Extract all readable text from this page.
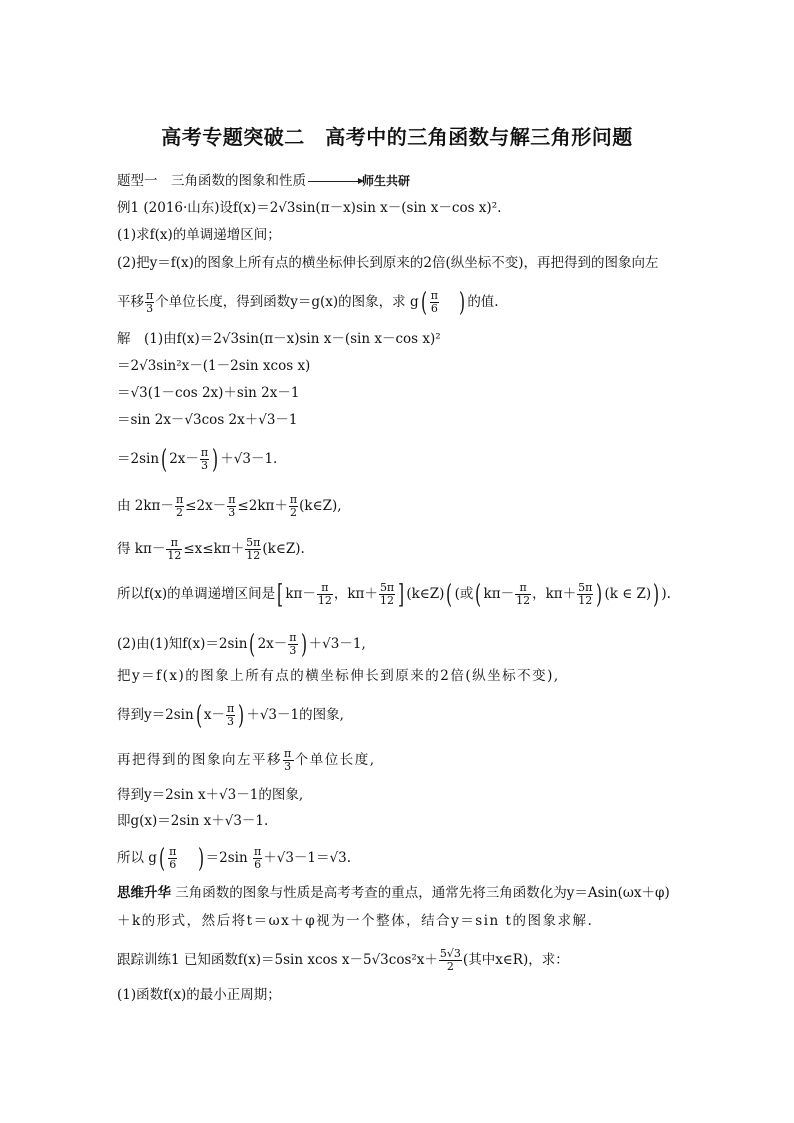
高考专题突破二　高考中的三角函数与解三角形问题
题型一　三角函数的图象和性质	师生共研
例1 (2016·山东)设f(x)＝2√3sin(π－x)sin x－(sin x－cos x)².
(1)求f(x)的单调递增区间；
(2)把y＝f(x)的图象上所有点的横坐标伸长到原来的2倍(纵坐标不变)，再把得到的图象向左
平移 $\frac{\pi}{3}$ 个单位长度，得到函数y＝g(x)的图象，求 $g( \frac{\pi}{6}$ ) 的值.
解　(1)由f(x)＝2√3sin(π－x)sin x－(sin x－cos x)²
＝2√3sin²x－(1－2sin xcos x)
＝√3(1－cos 2x)＋sin 2x－1
＝sin 2x－√3cos 2x＋√3－1
＝2sin( $2x- \frac{\pi}{3}$ ) ＋√3－1.
由 $2k\pi- \frac{\pi}{2} \le 2x- \frac{\pi}{3} \le 2k\pi+ \frac{\pi}{2}$ (k∈Z),
得 $k\pi- \frac{\pi}{12} \le x\le k\pi+ \frac{5\pi}{12}$ (k∈Z).
所以f(x)的单调递增区间是[ $k\pi- \frac{\pi}{12}$ ，$k\pi+ \frac{5\pi}{12}$ ] (k∈Z)( (或( $k\pi- \frac{\pi}{12}$ ，$k\pi+ \frac{5\pi}{12}$ ) (k ∈ Z)) ).
(2)由(1)知f(x)＝2sin( $2x- \frac{\pi}{3}$ ) ＋√3－1,
把y＝f(x)的图象上所有点的横坐标伸长到原来的2倍(纵坐标不变),
得到y＝2sin( $x- \frac{\pi}{3}$ ) ＋√3－1的图象,
再把得到的图象向左平移 $\frac{\pi}{3}$ 个单位长度,
得到y＝2sin x＋√3－1的图象,
即g(x)＝2sin x＋√3－1.
所以 $g( \frac{\pi}{6}$ ) $=2\sin \frac{\pi}{6} +√3-1=√3$.
思维升华 三角函数的图象与性质是高考考查的重点，通常先将三角函数化为y＝Asin(ωx＋φ)
＋k的形式，然后将t＝ωx＋φ视为一个整体，结合y＝sin t的图象求解.
跟踪训练1 已知函数f(x)＝5sin xcos $x-5√3\cos^2x+ \frac{5√3}{2}$ (其中x∈R)，求：
(1)函数f(x)的最小正周期；
